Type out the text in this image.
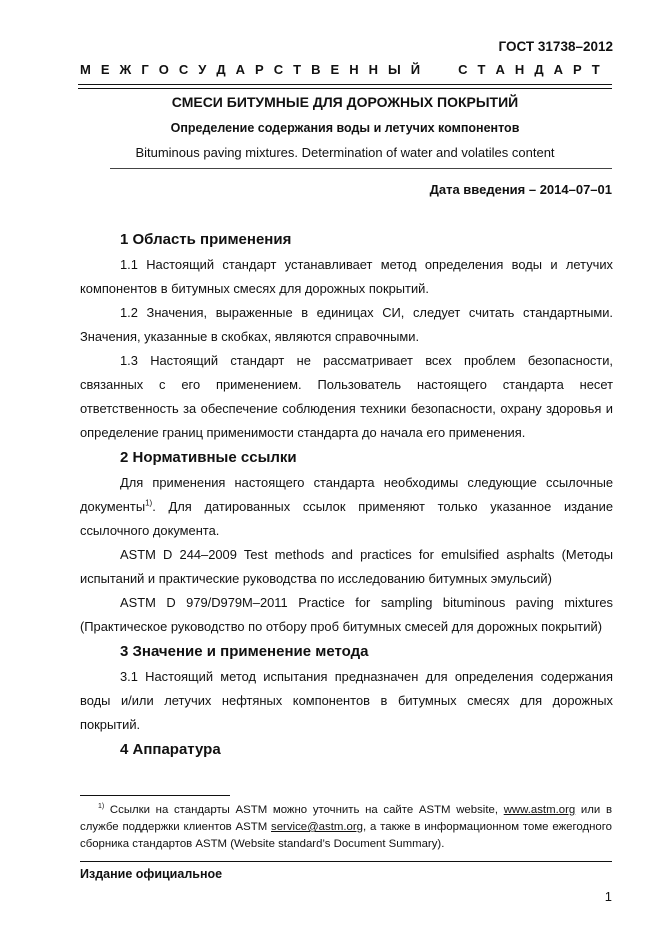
ГОСТ 31738–2012
М Е Ж Г О С У Д А Р С Т В Е Н Н Ы Й	С Т А Н Д А Р Т
СМЕСИ БИТУМНЫЕ ДЛЯ ДОРОЖНЫХ ПОКРЫТИЙ
Определение содержания воды и летучих компонентов
Bituminous paving mixtures. Determination of water and volatiles content
Дата введения – 2014–07–01
1 Область применения

1.1 Настоящий стандарт устанавливает метод определения воды и летучих компонентов в битумных смесях для дорожных покрытий.

1.2 Значения, выраженные в единицах СИ, следует считать стандартными. Значения, указанные в скобках, являются справочными.

1.3 Настоящий стандарт не рассматривает всех проблем безопасности, связанных с его применением. Пользователь настоящего стандарта несет ответственность за обеспечение соблюдения техники безопасности, охрану здоровья и определение границ применимости стандарта до начала его применения.

2 Нормативные ссылки

Для применения настоящего стандарта необходимы следующие ссылочные документы$^{1)}$. Для датированных ссылок применяют только указанное издание ссылочного документа.

ASTM D 244–2009 Test methods and practices for emulsified asphalts (Методы испытаний и практические руководства по исследованию битумных эмульсий)

ASTM D 979/D979M–2011 Practice for sampling bituminous paving mixtures (Практическое руководство по отбору проб битумных смесей для дорожных покрытий)

3 Значение и применение метода

3.1 Настоящий метод испытания предназначен для определения содержания воды и/или летучих нефтяных компонентов в битумных смесях для дорожных покрытий.

4 Аппаратура

$^{1)}$ Ссылки на стандарты ASTM можно уточнить на сайте ASTM website, www.astm.org или в службе поддержки клиентов ASTM service@astm.org, а также в информационном томе ежегодного сборника стандартов ASTM (Website standard’s Document Summary).

Издание официальное
1
